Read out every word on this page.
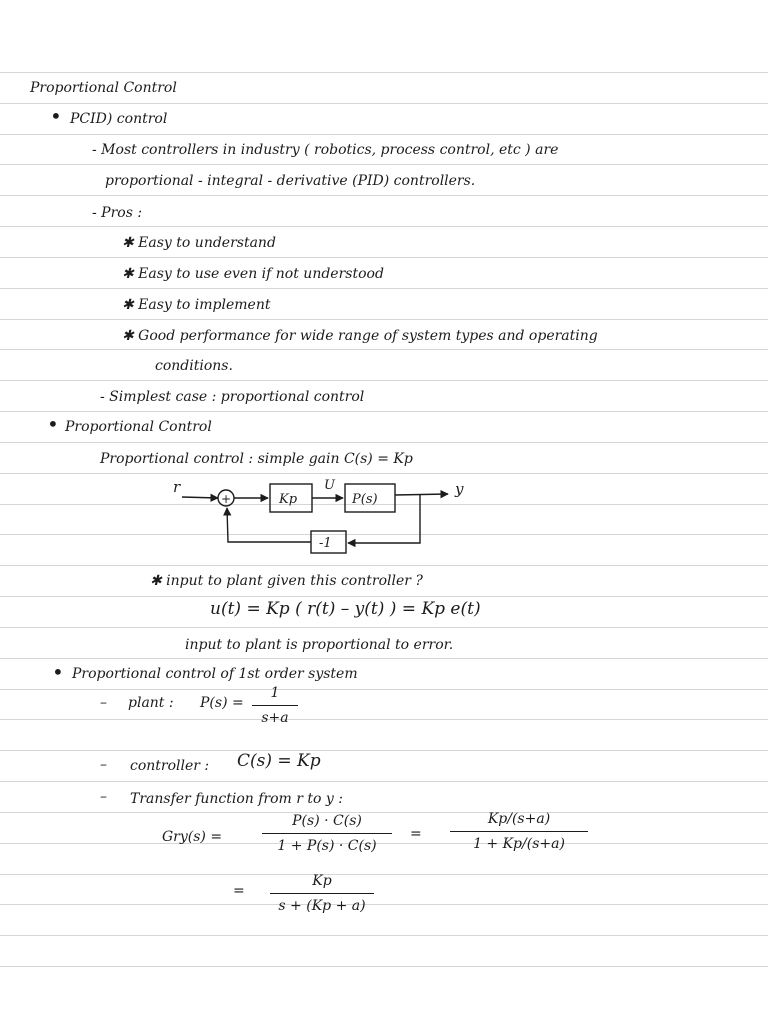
Proportional Control
• PCID) control
- Most controllers in industry ( robotics, process control, etc ) are
proportional - integral - derivative (PID) controllers.
- Pros :
✱ Easy to understand
✱ Easy to use even if not understood
✱ Easy to implement
✱ Good performance for wide range of system types and operating
conditions.
- Simplest case : proportional control
• Proportional Control
Proportional control : simple gain C(s) = Kp
r
+	Kp
U
P(s)
y
-1
✱ input to plant given this controller ?
u(t) = Kp ( r(t) – y(t) ) = Kp e(t)
input to plant is proportional to error.
• Proportional control of 1st order system
– plant : P(s) =
1
s+a
– controller : C(s) = Kp
– Transfer function from r to y :
Gry(s) =
P(s) · C(s)
1 + P(s) · C(s)
=
Kp/(s+a)
1 + Kp/(s+a)
=
Kp
s + (Kp + a)
